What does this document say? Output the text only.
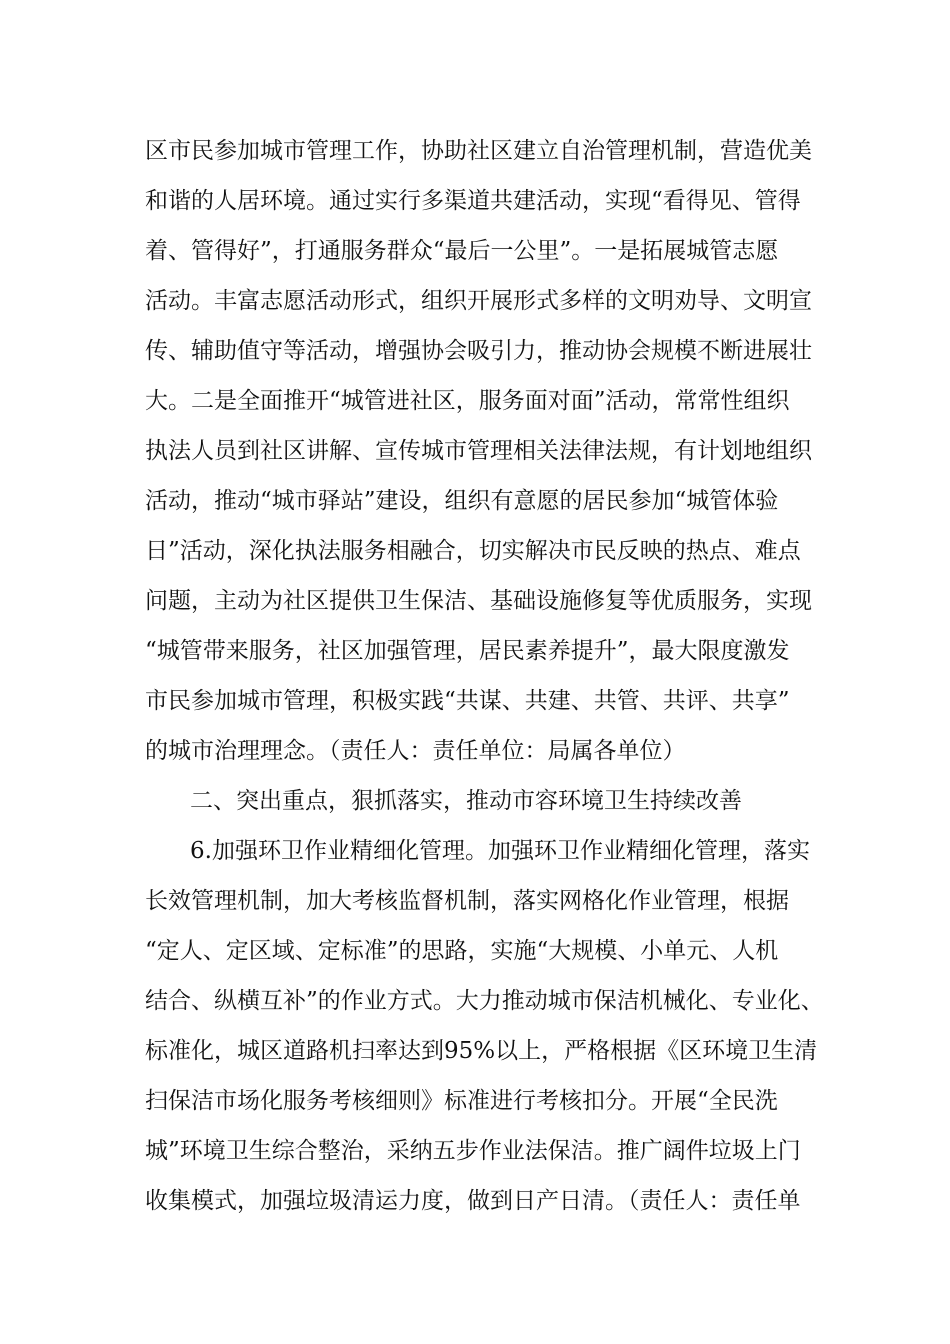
区市民参加城市管理工作，协助社区建立自治管理机制，营造优美
和谐的人居环境。通过实行多渠道共建活动，实现“看得见、管得
着、管得好”，打通服务群众“最后一公里”。一是拓展城管志愿
活动。丰富志愿活动形式，组织开展形式多样的文明劝导、文明宣
传、辅助值守等活动，增强协会吸引力，推动协会规模不断进展壮
大。二是全面推开“城管进社区，服务面对面”活动，常常性组织
执法人员到社区讲解、宣传城市管理相关法律法规，有计划地组织
活动，推动“城市驿站”建设，组织有意愿的居民参加“城管体验
日”活动，深化执法服务相融合，切实解决市民反映的热点、难点
问题，主动为社区提供卫生保洁、基础设施修复等优质服务，实现
“城管带来服务，社区加强管理，居民素养提升”，最大限度激发
市民参加城市管理，积极实践“共谋、共建、共管、共评、共享”
的城市治理理念。（责任人：责任单位：局属各单位）
二、突出重点，狠抓落实，推动市容环境卫生持续改善
6.加强环卫作业精细化管理。加强环卫作业精细化管理，落实
长效管理机制，加大考核监督机制，落实网格化作业管理，根据
“定人、定区域、定标准”的思路，实施“大规模、小单元、人机
结合、纵横互补”的作业方式。大力推动城市保洁机械化、专业化、
标准化，城区道路机扫率达到95%以上，严格根据《区环境卫生清
扫保洁市场化服务考核细则》标准进行考核扣分。开展“全民洗
城”环境卫生综合整治，采纳五步作业法保洁。推广阔件垃圾上门
收集模式，加强垃圾清运力度，做到日产日清。（责任人：责任单
